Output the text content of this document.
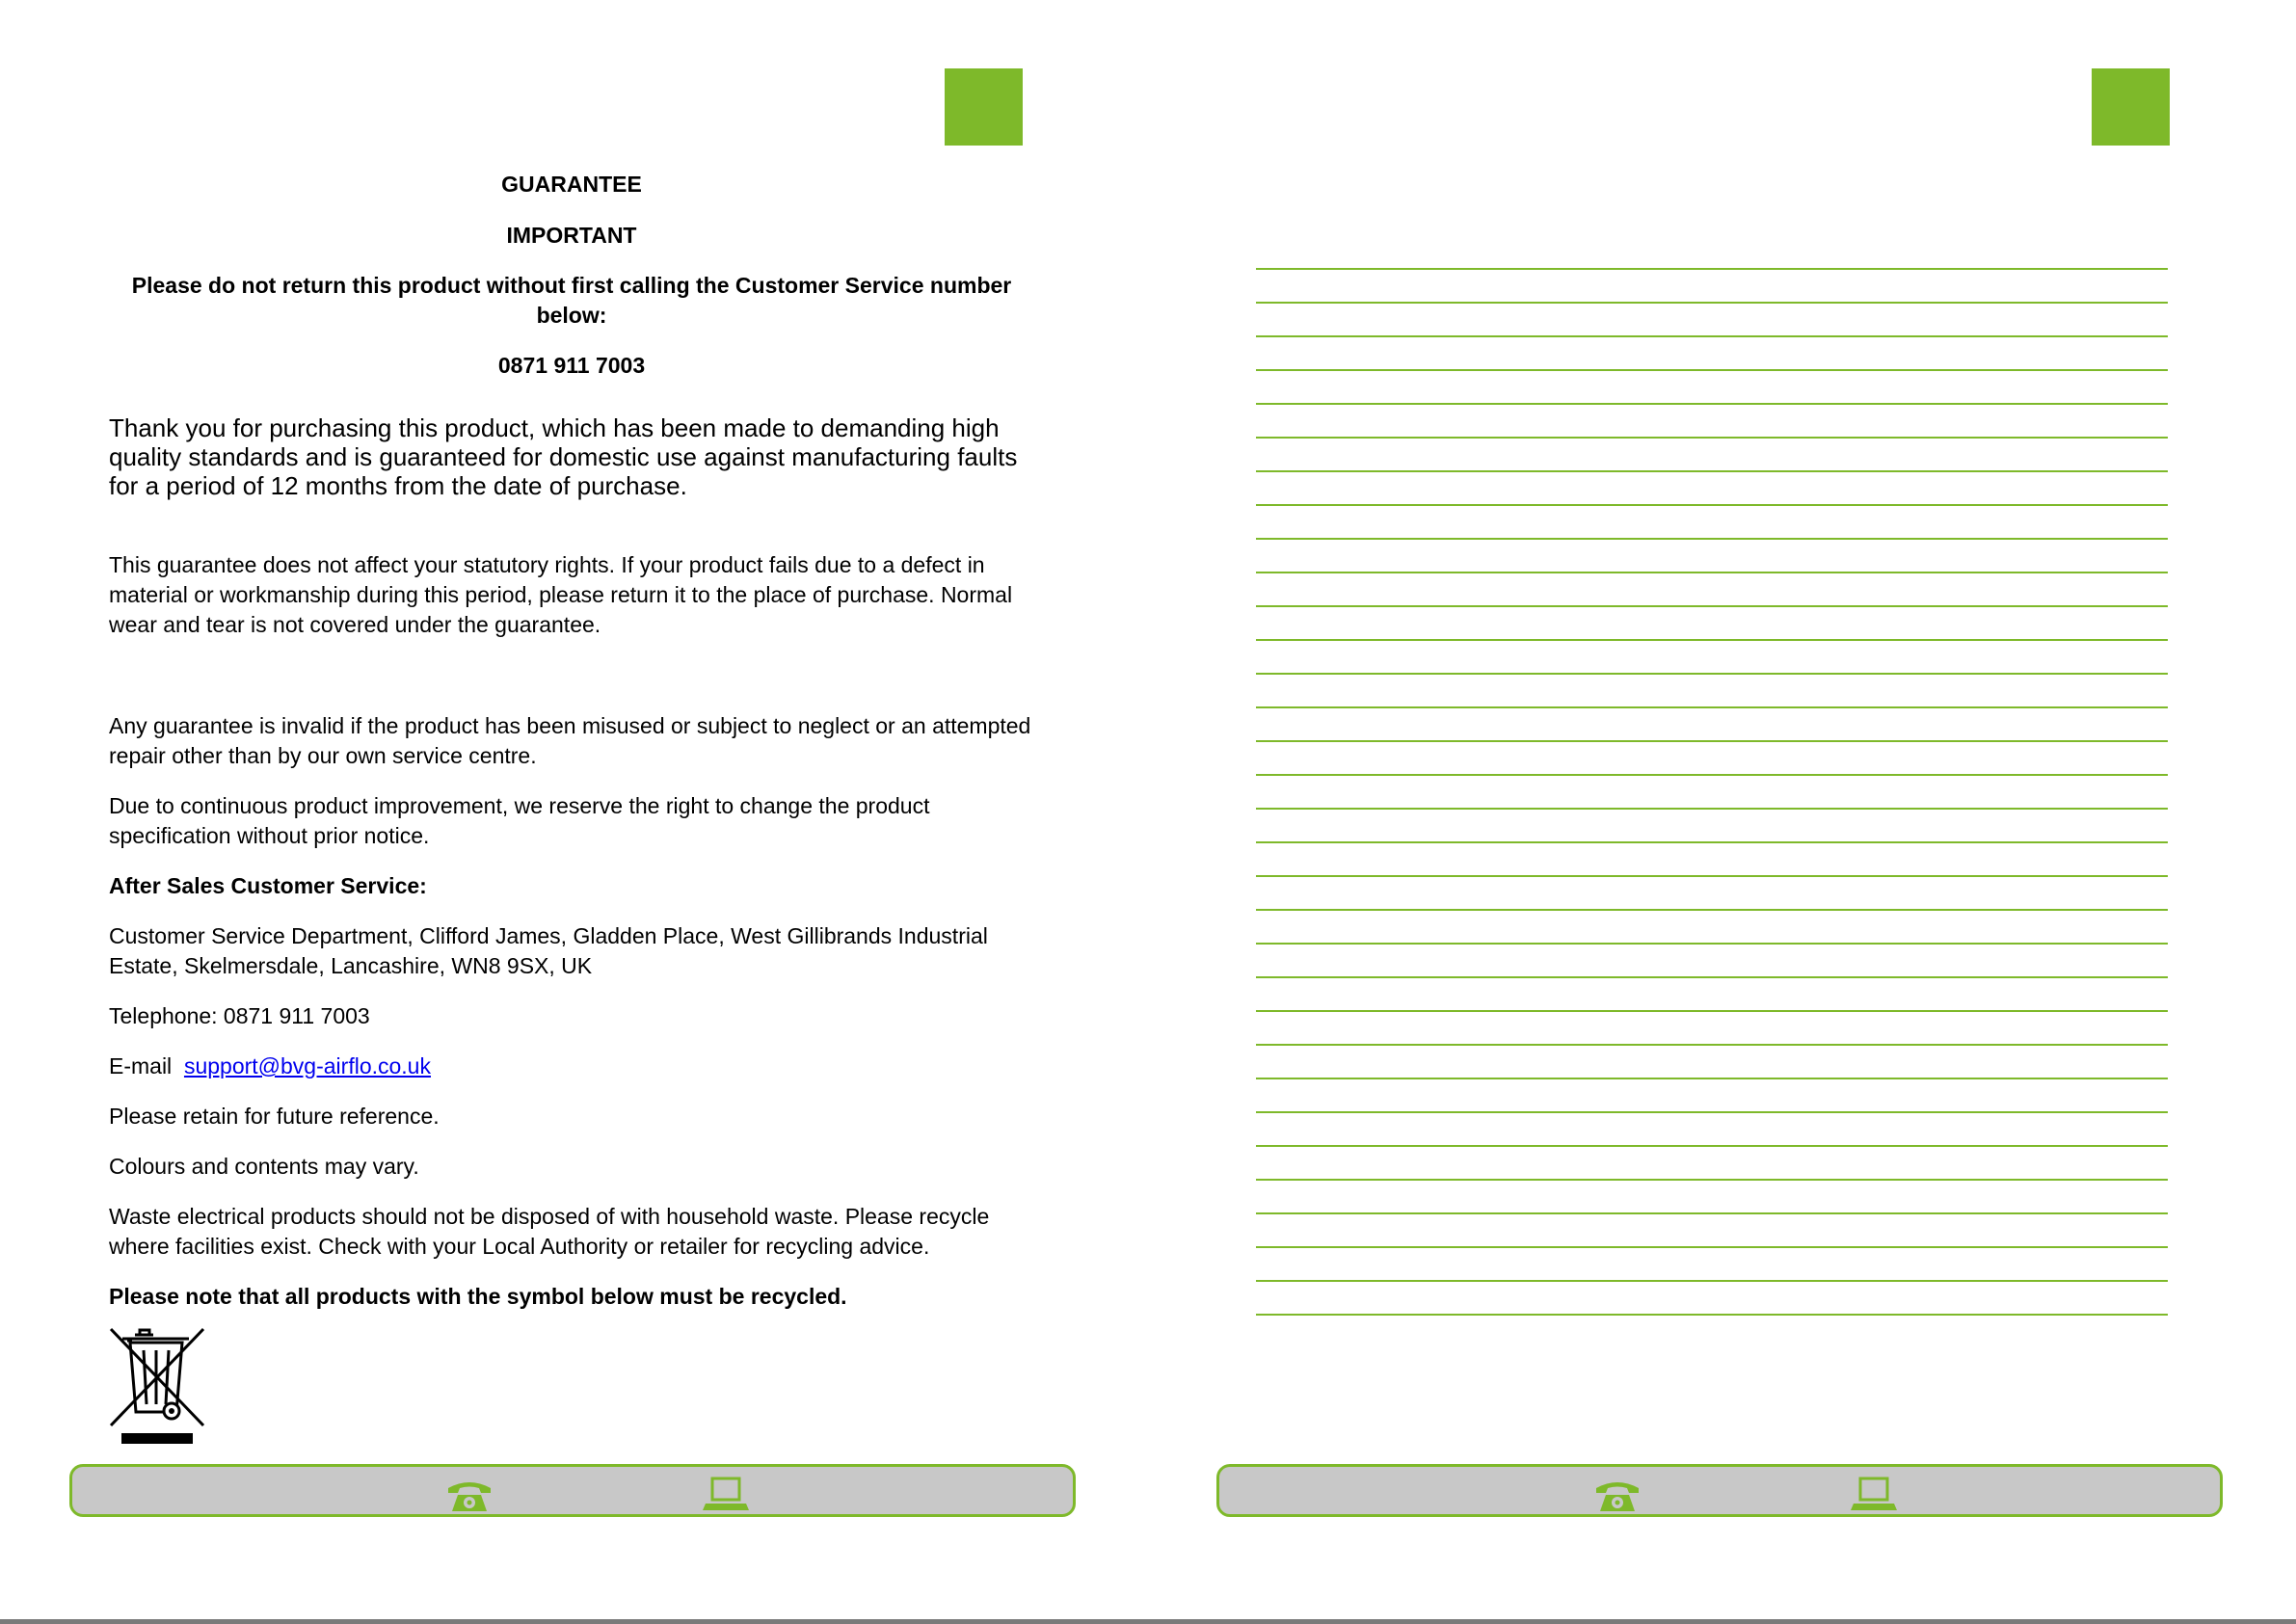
GUARANTEE
IMPORTANT
Please do not return this product without first calling the Customer Service number below:
0871 911 7003
Thank you for purchasing this product, which has been made to demanding high quality standards and is guaranteed for domestic use against manufacturing faults for a period of 12 months from the date of purchase.
This guarantee does not affect your statutory rights. If your product fails due to a defect in material or workmanship during this period, please return it to the place of purchase. Normal wear and tear is not covered under the guarantee.
Any guarantee is invalid if the product has been misused or subject to neglect or an attempted repair other than by our own service centre.
Due to continuous product improvement, we reserve the right to change the product specification without prior notice.
After Sales Customer Service:
Customer Service Department, Clifford James, Gladden Place, West Gillibrands Industrial Estate, Skelmersdale, Lancashire, WN8 9SX, UK
Telephone: 0871 911 7003
E-mail support@bvg-airflo.co.uk
Please retain for future reference.
Colours and contents may vary.
Waste electrical products should not be disposed of with household waste. Please recycle where facilities exist. Check with your Local Authority or retailer for recycling advice.
Please note that all products with the symbol below must be recycled.
